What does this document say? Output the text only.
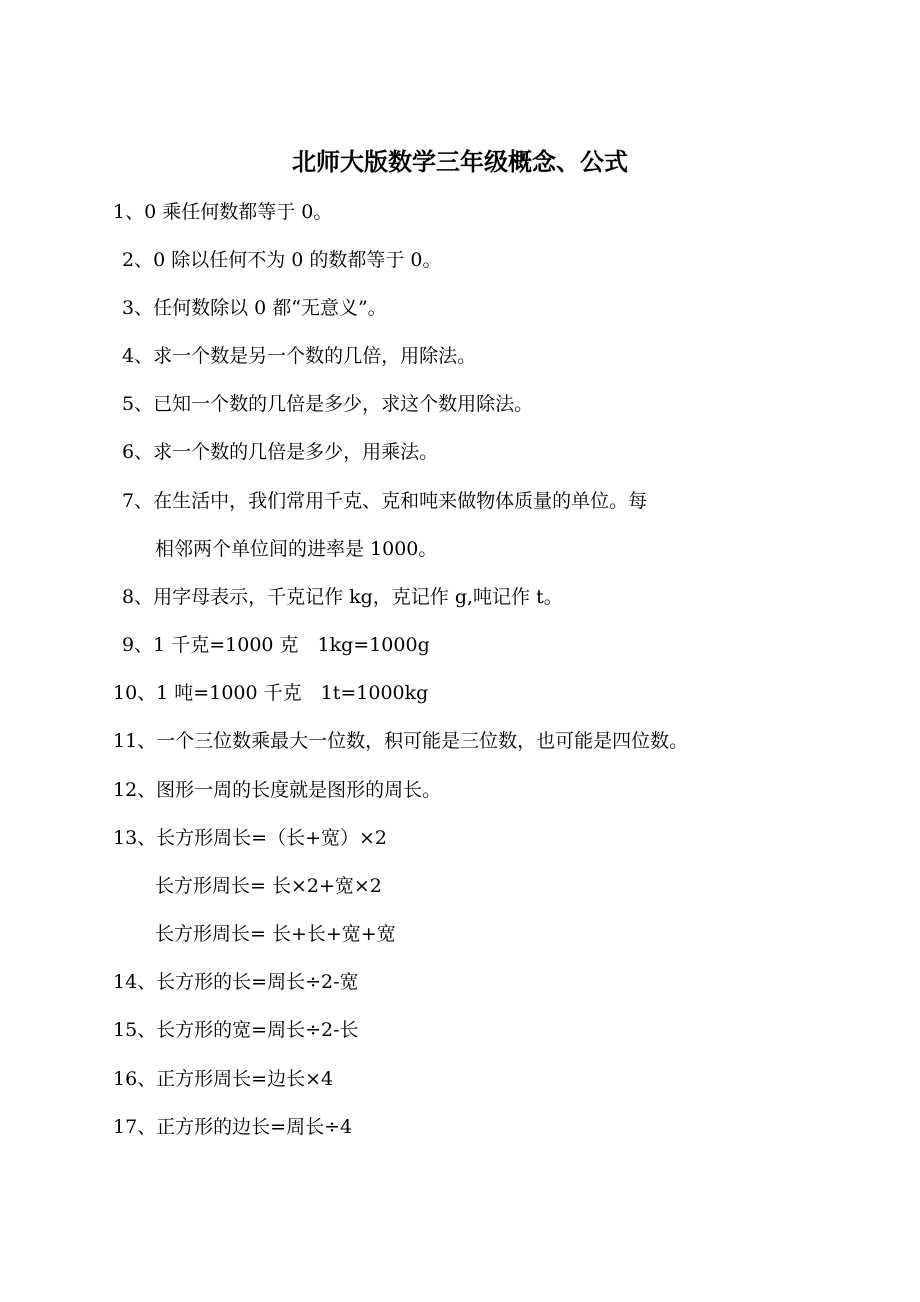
北师大版数学三年级概念、公式
1、0 乘任何数都等于 0。
2、0 除以任何不为 0 的数都等于 0。
3、任何数除以 0 都“无意义”。
4、求一个数是另一个数的几倍，用除法。
5、已知一个数的几倍是多少，求这个数用除法。
6、求一个数的几倍是多少，用乘法。
7、在生活中，我们常用千克、克和吨来做物体质量的单位。每
相邻两个单位间的进率是 1000。
8、用字母表示，千克记作 kg，克记作 g,吨记作 t。
9、1 千克=1000 克　1kg=1000g
10、1 吨=1000 千克　1t=1000kg
11、一个三位数乘最大一位数，积可能是三位数，也可能是四位数。
12、图形一周的长度就是图形的周长。
13、长方形周长=（长+宽）×2
长方形周长= 长×2+宽×2
长方形周长= 长+长+宽+宽
14、长方形的长=周长÷2-宽
15、长方形的宽=周长÷2-长
16、正方形周长=边长×4
17、正方形的边长=周长÷4
